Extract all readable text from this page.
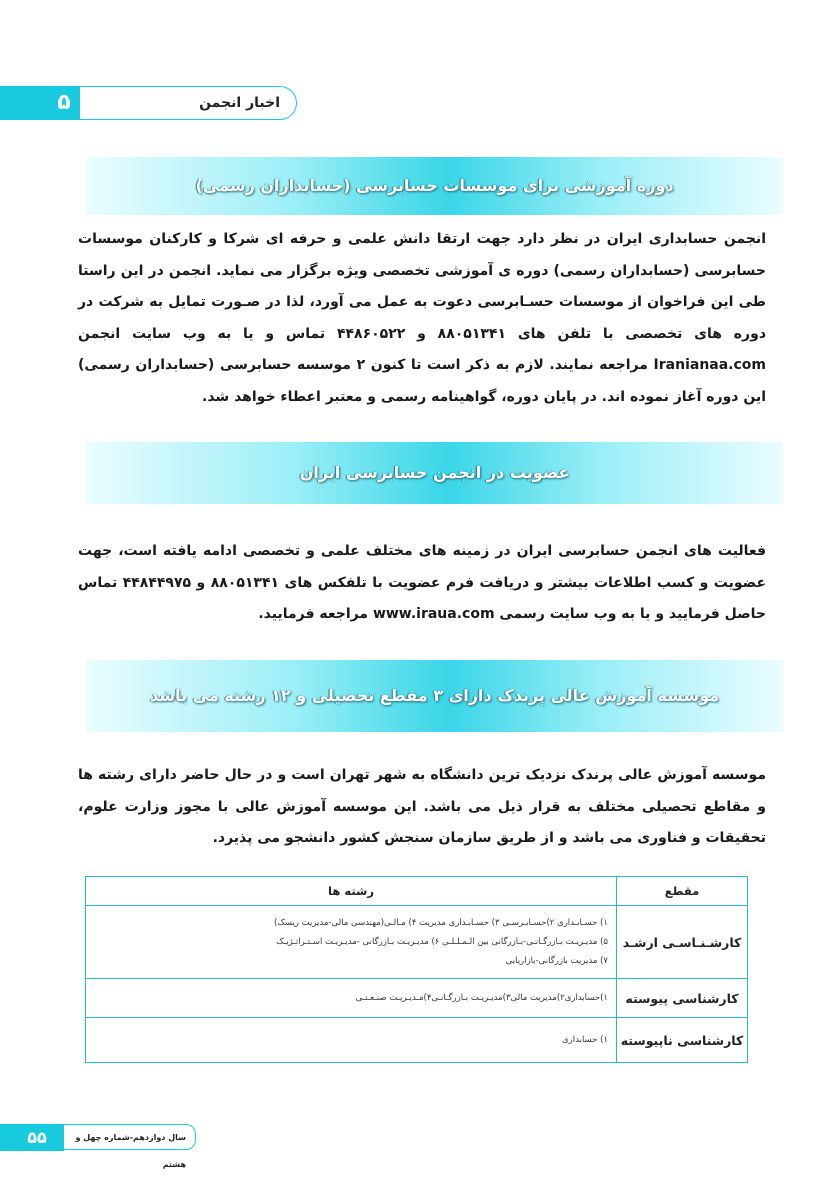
۵	اخبار انجمن
دوره آموزشی برای موسسات حسابرسی (حسابداران رسمی)
انجمن حسابداری ایران در نظر دارد جهت ارتقا دانش علمی و حرفه ای شرکا و کارکنان موسسات حسابرسی (حسابداران رسمی) دوره ی آموزشی تخصصی ویژه برگزار می نماید. انجمن در این راستا طی این فراخوان از موسسات حسـابرسی دعوت به عمل می آورد، لذا در صـورت تمایل به شرکت در دوره های تخصصی با تلفن های ۸۸۰۵۱۳۴۱ و ۴۴۸۶۰۵۲۲ تماس و یا به وب سایت انجمن Iranianaa.com مراجعه نمایند. لازم به ذکر است تا کنون ۲ موسسه حسابرسی (حسابداران رسمی) این دوره آغاز نموده اند. در پایان دوره، گواهینامه رسمی و معتبر اعطاء خواهد شد.
عضویت در انجمن حسابرسی ایران
فعالیت های انجمن حسابرسی ایران در زمینه های مختلف علمی و تخصصی ادامه یافته است، جهت عضویت و کسب اطلاعات بیشتر و دریافت فرم عضویت با تلفکس های ۸۸۰۵۱۳۴۱ و ۴۴۸۴۴۹۷۵ تماس حاصل فرمایید و یا به وب سایت رسمی www.iraua.com مراجعه فرمایید.
موسسه آموزش عالی پرندک دارای ۳ مقطع تحصیلی و ۱۲ رشته می باشد
موسسه آموزش عالی پرندک نزدیک ترین دانشگاه به شهر تهران است و در حال حاضر دارای رشته ها و مقاطع تحصیلی مختلف به قرار ذیل می باشد. این موسسه آموزش عالی با مجوز وزارت علوم، تحقیقات و فناوری می باشد و از طریق سازمان سنجش کشور دانشجو می پذیرد.
مقطع	رشته ها
کارشـنـاسـی ارشـد	۱) حسـابـداری ۲)حسـابـرسـی ۳) حسـابـداری مدیریت ۴) مـالـی(مهندسی مالی-مدیریت ریسک)
۵) مدیـریـت بـازرگـانـی-بـازرگانی بین الـمـلـلـی ۶) مدیـریـت بـازرگانی -مدیـریـت اسـتـراتـژیـک
۷) مدیریت بازرگانی-بازاریابی

کارشناسی پیوسته	۱)حسابداری۲)مدیریت مالی۳)مدیـریـت بـازرگـانـی۴)مـدیـریـت صنـعـتـی

کارشناسی ناپیوسته	۱) حسابداری
۵۵	سال دوازدهم-شماره چهل و هشتم
